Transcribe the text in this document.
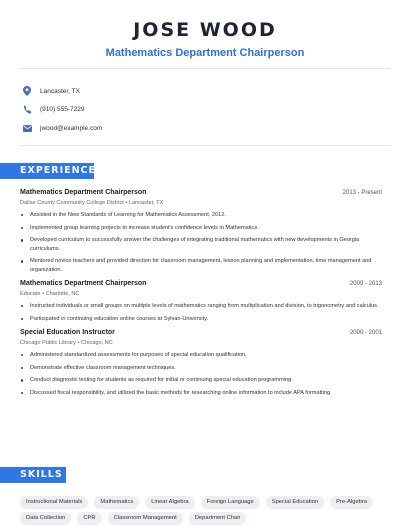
JOSE WOOD
Mathematics Department Chairperson
Lancaster, TX
(910) 555-7229
jwood@example.com
EXPERIENCE
Mathematics Department Chairperson	2013 - Present
Dallas County Community College District • Lancaster, TX
Assisted in the New Standards of Learning for Mathematics Assessment, 2012.
Implemented group learning projects to increase student's confidence levels in Mathematics.
Developed curriculum to successfully answer the challenges of integrating traditional mathematics with new developments in Georgia curriculums.
Mentored novice teachers and provided direction for classroom management, lesson planning and implementation, time management and organization.
Mathematics Department Chairperson	2009 - 2013
Educate • Charlotte, NC
Instructed individuals or small groups on multiple levels of mathematics ranging from multiplication and division, to trigonometry and calculus.
Participated in continuing education online courses at Sylvan-University.
Special Education Instructor	2000 - 2001
Chicago Public Library • Chicago, NC
Administered standardized assessments for purposes of special education qualification.
Demonstrate effective classroom management techniques.
Conduct diagnostic testing for students as required for initial or continuing special education programming.
Discussed fiscal responsibility, and utilized the basic methods for researching online information to include APA formatting.
SKILLS
Instructional Materials	Mathematics	Linear Algebra	Foreign Language	Special Education	Pre-Algebra
Data Collection	CPR	Classroom Management	Department Chair
